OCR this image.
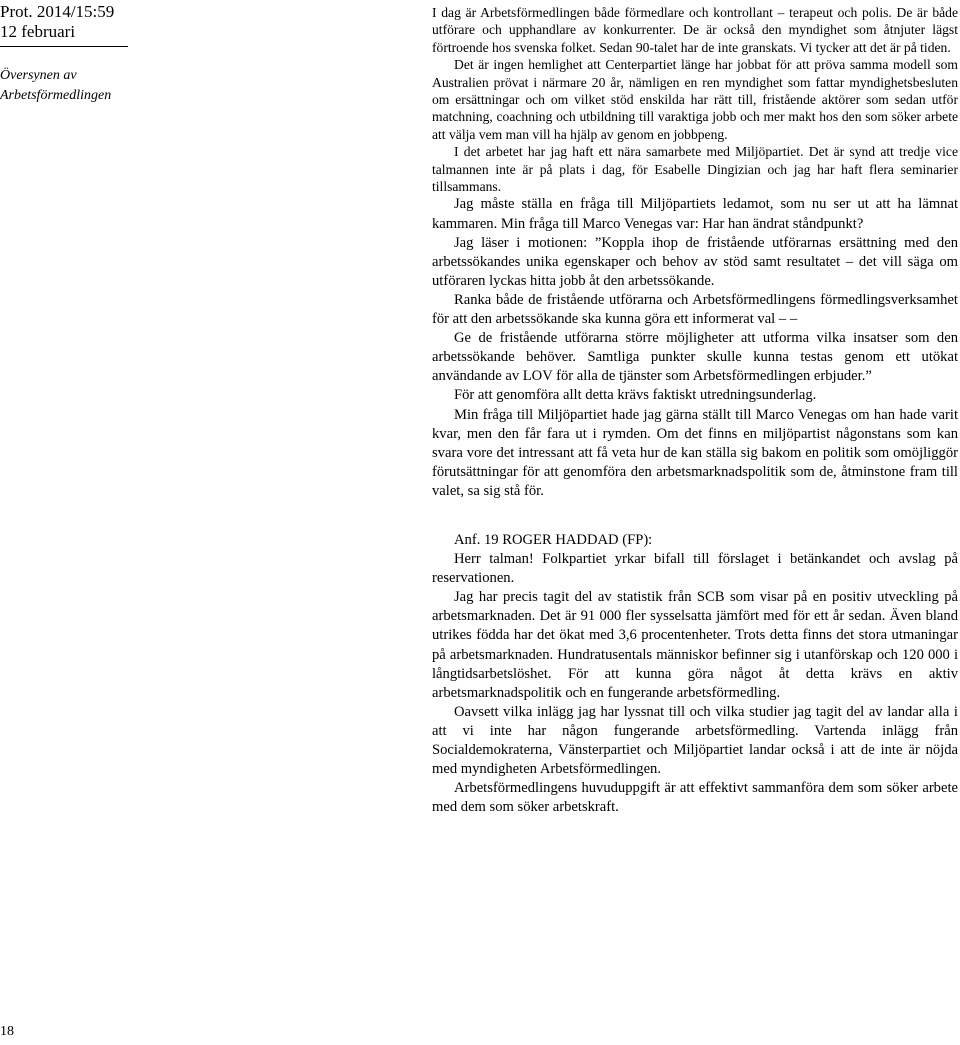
Prot. 2014/15:59
12 februari
Översynen av
Arbetsförmedlingen
18

I dag är Arbetsförmedlingen både förmedlare och kontrollant – terapeut och polis. De är både utförare och upphandlare av konkurrenter. De är också den myndighet som åtnjuter lägst förtroende hos svenska folket. Sedan 90-talet har de inte granskats. Vi tycker att det är på tiden.

Det är ingen hemlighet att Centerpartiet länge har jobbat för att pröva samma modell som Australien prövat i närmare 20 år, nämligen en ren myndighet som fattar myndighetsbesluten om ersättningar och om vilket stöd enskilda har rätt till, fristående aktörer som sedan utför matchning, coachning och utbildning till varaktiga jobb och mer makt hos den som söker arbete att välja vem man vill ha hjälp av genom en jobbpeng.

I det arbetet har jag haft ett nära samarbete med Miljöpartiet. Det är synd att tredje vice talmannen inte är på plats i dag, för Esabelle Dingizian och jag har haft flera seminarier tillsammans.

Jag måste ställa en fråga till Miljöpartiets ledamot, som nu ser ut att ha lämnat kammaren. Min fråga till Marco Venegas var: Har han ändrat ståndpunkt?

Jag läser i motionen: ”Koppla ihop de fristående utförarnas ersättning med den arbetssökandes unika egenskaper och behov av stöd samt resultatet – det vill säga om utföraren lyckas hitta jobb åt den arbetssökande.

Ranka både de fristående utförarna och Arbetsförmedlingens förmedlingsverksamhet för att den arbetssökande ska kunna göra ett informerat val – –

Ge de fristående utförarna större möjligheter att utforma vilka insatser som den arbetssökande behöver. Samtliga punkter skulle kunna testas genom ett utökat användande av LOV för alla de tjänster som Arbetsförmedlingen erbjuder.”

För att genomföra allt detta krävs faktiskt utredningsunderlag.

Min fråga till Miljöpartiet hade jag gärna ställt till Marco Venegas om han hade varit kvar, men den får fara ut i rymden. Om det finns en miljöpartist någonstans som kan svara vore det intressant att få veta hur de kan ställa sig bakom en politik som omöjliggör förutsättningar för att genomföra den arbetsmarknadspolitik som de, åtminstone fram till valet, sa sig stå för.

Anf. 19 ROGER HADDAD (FP):

Herr talman! Folkpartiet yrkar bifall till förslaget i betänkandet och avslag på reservationen.

Jag har precis tagit del av statistik från SCB som visar på en positiv utveckling på arbetsmarknaden. Det är 91 000 fler sysselsatta jämfört med för ett år sedan. Även bland utrikes födda har det ökat med 3,6 procentenheter. Trots detta finns det stora utmaningar på arbetsmarknaden. Hundratusentals människor befinner sig i utanförskap och 120 000 i långtidsarbetslöshet. För att kunna göra något åt detta krävs en aktiv arbetsmarknadspolitik och en fungerande arbetsförmedling.

Oavsett vilka inlägg jag har lyssnat till och vilka studier jag tagit del av landar alla i att vi inte har någon fungerande arbetsförmedling. Vartenda inlägg från Socialdemokraterna, Vänsterpartiet och Miljöpartiet landar också i att de inte är nöjda med myndigheten Arbetsförmedlingen.

Arbetsförmedlingens huvuduppgift är att effektivt sammanföra dem som söker arbete med dem som söker arbetskraft.
